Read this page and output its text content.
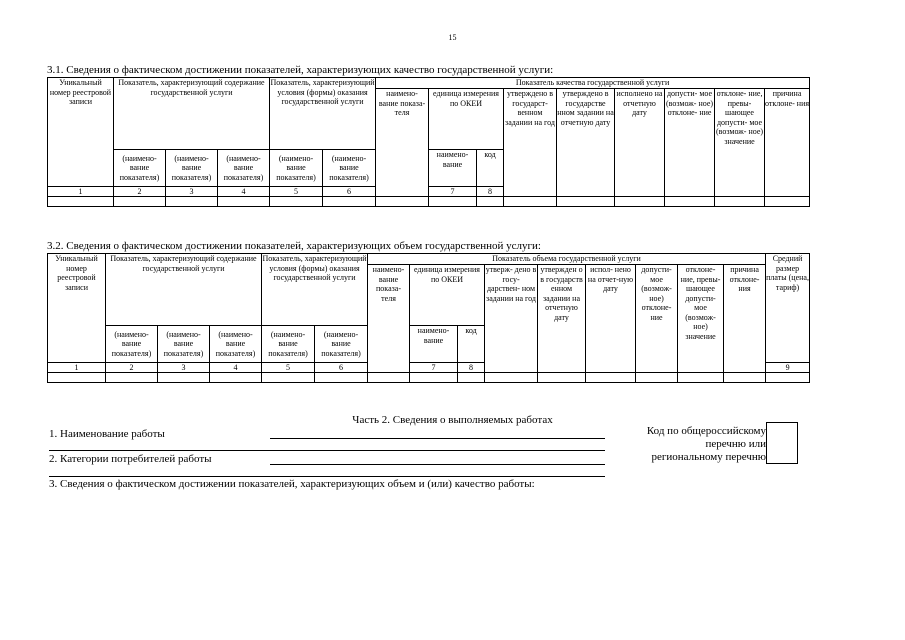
15
3.1. Сведения о фактическом достижении показателей, характеризующих качество государственной услуги:
Уникальный номер реестровой записи	Показатель, характеризующий содержание государственной услуги			Показатель, характеризующий условия (формы) оказания государственной услуги		Показатель качества государственной услуги									
						наимено- вание показа- теля	единица измерения по ОКЕИ		утверждено в государст- венном задании на год	утверждено в государстве нном задании на отчетную дату	исполнено на отчетную дату	допусти- мое (возмож- ное) отклоне- ние	отклоне- ние, превы- шающее допусти- мое (возмож- ное) значение	причина отклоне- ния	
	(наимено- вание показателя)	(наимено- вание показателя)	(наимено- вание показателя)	(наимено- вание показателя)	(наимено- вание показателя)		наимено- вание	код							
1	2	3	4	5	6		7	8							

3.2. Сведения о фактическом достижении показателей, характеризующих объем государственной услуги:
Уникальный номер реестровой записи	Показатель, характеризующий содержание государственной услуги			Показатель, характеризующий условия (формы) оказания государственной услуги		Показатель объема государственной услуги									Средний размер платы (цена, тариф)	
						наимено- вание показа- теля	единица измерения по ОКЕИ		утверж- дено в госу- дарствен- ном задании на год	утвержден о в государств енном задании на отчетную дату	испол- нено на отчет-ную дату	допусти- мое (возмож- ное) отклоне- ние	отклоне- ние, превы- шающее допусти- мое (возмож- ное) значение	причина отклоне- ния		
	(наимено- вание показателя)	(наимено- вание показателя)	(наимено- вание показателя)	(наимено- вание показателя)	(наимено- вание показателя)		наимено- вание	код								
1	2	3	4	5	6		7	8							9							

Часть 2. Сведения о выполняемых работах
1. Наименование работы
2. Категории потребителей работы
Код по общероссийскому
перечню или
региональному перечню
3. Сведения о фактическом достижении показателей, характеризующих объем и (или) качество работы:
